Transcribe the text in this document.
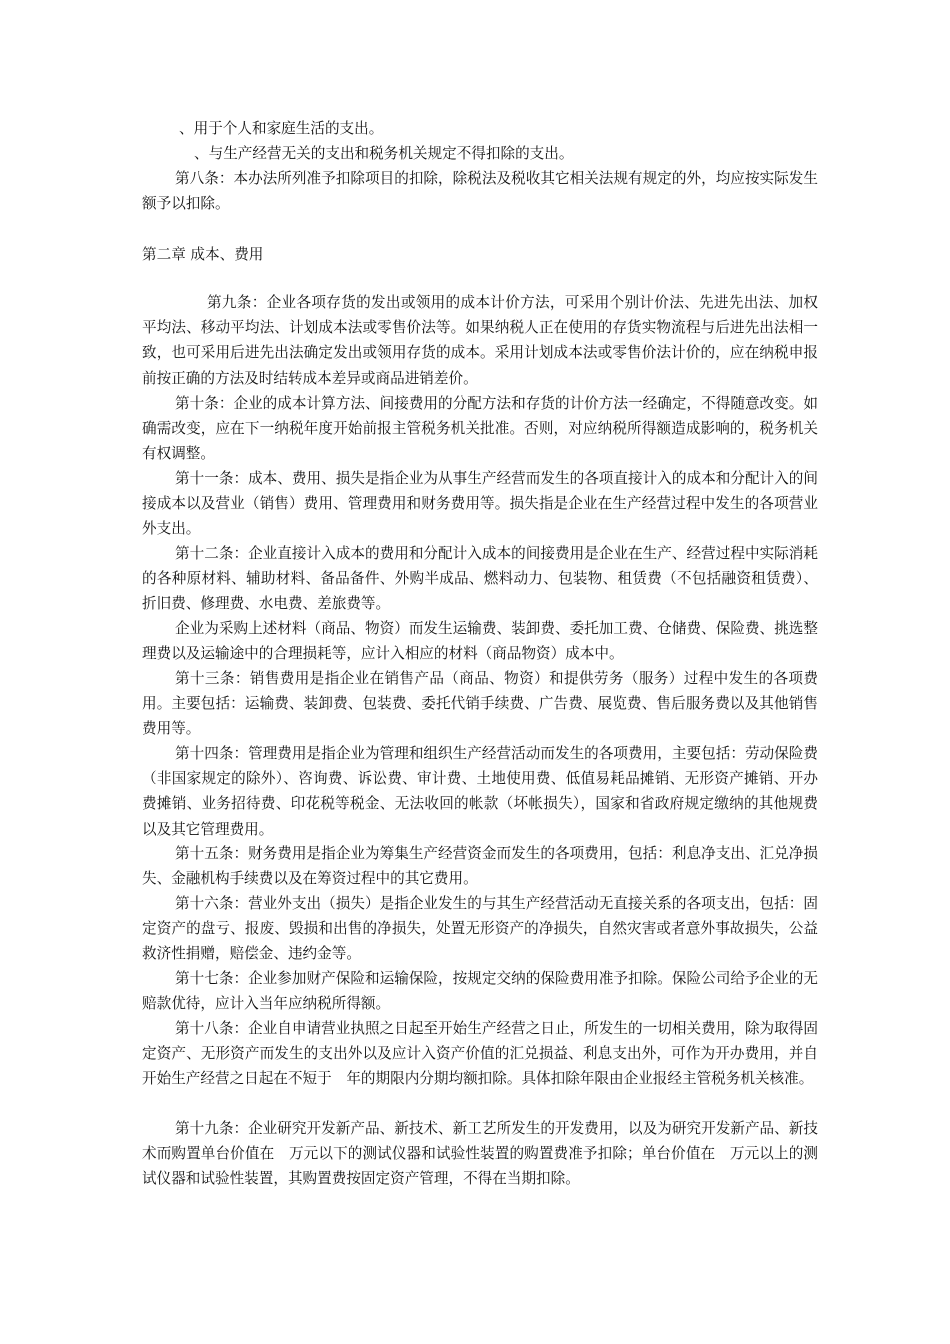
、用于个人和家庭生活的支出。

、与生产经营无关的支出和税务机关规定不得扣除的支出。

第八条：本办法所列准予扣除项目的扣除，除税法及税收其它相关法规有规定的外，均应按实际发生额予以扣除。

第二章 成本、费用

第九条：企业各项存货的发出或领用的成本计价方法，可采用个别计价法、先进先出法、加权平均法、移动平均法、计划成本法或零售价法等。如果纳税人正在使用的存货实物流程与后进先出法相一致，也可采用后进先出法确定发出或领用存货的成本。采用计划成本法或零售价法计价的，应在纳税申报前按正确的方法及时结转成本差异或商品进销差价。

第十条：企业的成本计算方法、间接费用的分配方法和存货的计价方法一经确定，不得随意改变。如确需改变，应在下一纳税年度开始前报主管税务机关批准。否则，对应纳税所得额造成影响的，税务机关有权调整。

第十一条：成本、费用、损失是指企业为从事生产经营而发生的各项直接计入的成本和分配计入的间接成本以及营业（销售）费用、管理费用和财务费用等。损失指是企业在生产经营过程中发生的各项营业外支出。

第十二条：企业直接计入成本的费用和分配计入成本的间接费用是企业在生产、经营过程中实际消耗的各种原材料、辅助材料、备品备件、外购半成品、燃料动力、包装物、租赁费（不包括融资租赁费）、折旧费、修理费、水电费、差旅费等。

企业为采购上述材料（商品、物资）而发生运输费、装卸费、委托加工费、仓储费、保险费、挑选整理费以及运输途中的合理损耗等，应计入相应的材料（商品物资）成本中。

第十三条：销售费用是指企业在销售产品（商品、物资）和提供劳务（服务）过程中发生的各项费用。主要包括：运输费、装卸费、包装费、委托代销手续费、广告费、展览费、售后服务费以及其他销售费用等。

第十四条：管理费用是指企业为管理和组织生产经营活动而发生的各项费用，主要包括：劳动保险费（非国家规定的除外）、咨询费、诉讼费、审计费、土地使用费、低值易耗品摊销、无形资产摊销、开办费摊销、业务招待费、印花税等税金、无法收回的帐款（坏帐损失），国家和省政府规定缴纳的其他规费以及其它管理费用。

第十五条：财务费用是指企业为筹集生产经营资金而发生的各项费用，包括：利息净支出、汇兑净损失、金融机构手续费以及在筹资过程中的其它费用。

第十六条：营业外支出（损失）是指企业发生的与其生产经营活动无直接关系的各项支出，包括：固定资产的盘亏、报废、毁损和出售的净损失，处置无形资产的净损失，自然灾害或者意外事故损失，公益救济性捐赠，赔偿金、违约金等。

第十七条：企业参加财产保险和运输保险，按规定交纳的保险费用准予扣除。保险公司给予企业的无赔款优待，应计入当年应纳税所得额。

第十八条：企业自申请营业执照之日起至开始生产经营之日止，所发生的一切相关费用，除为取得固定资产、无形资产而发生的支出外以及应计入资产价值的汇兑损益、利息支出外，可作为开办费用，并自开始生产经营之日起在不短于　年的期限内分期均额扣除。具体扣除年限由企业报经主管税务机关核准。

第十九条：企业研究开发新产品、新技术、新工艺所发生的开发费用，以及为研究开发新产品、新技术而购置单台价值在　万元以下的测试仪器和试验性装置的购置费准予扣除；单台价值在　万元以上的测试仪器和试验性装置，其购置费按固定资产管理，不得在当期扣除。
